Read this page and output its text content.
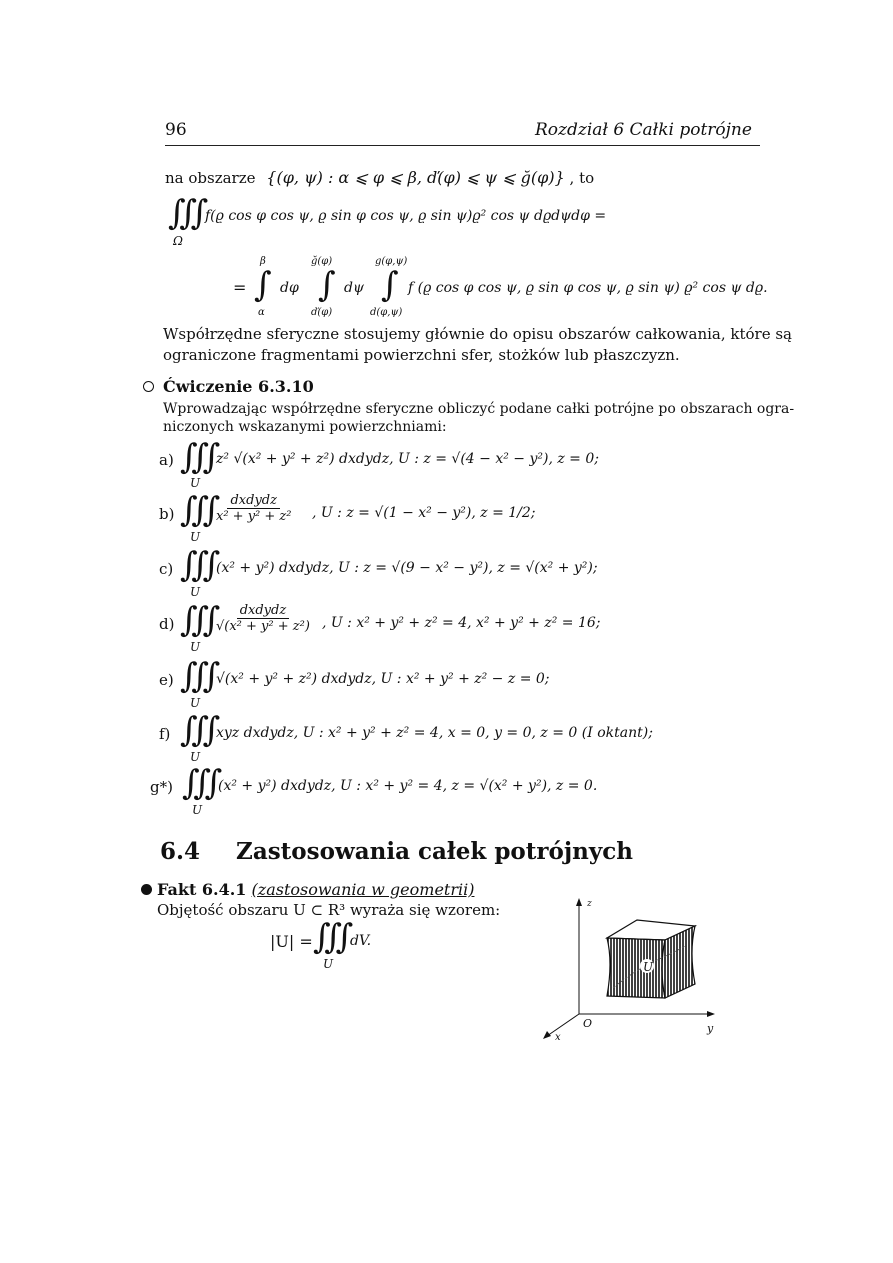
96	Rozdział 6 Całki potrójne
na obszarze {(φ, ψ) : α ⩽ φ ⩽ β, ď(φ) ⩽ ψ ⩽ ğ(φ)} , to
∭
f(ϱ cos φ cos ψ, ϱ sin φ cos ψ, ϱ sin ψ)ϱ² cos ψ dϱdψdφ =
Ω
β	ğ(φ)	g(φ,ψ)
= ∫ dφ ∫ dψ ∫ f (ϱ cos φ cos ψ, ϱ sin φ cos ψ, ϱ sin ψ) ϱ² cos ψ dϱ.
α	ď(φ)	d(φ,ψ)
Współrzędne sferyczne stosujemy głównie do opisu obszarów całkowania, które są
ograniczone fragmentami powierzchni sfer, stożków lub płaszczyzn.
Ćwiczenie 6.3.10
Wprowadzając współrzędne sferyczne obliczyć podane całki potrójne po obszarach ogra-
niczonych wskazanymi powierzchniami:
a) ∭
U
z² √(x² + y² + z²) dxdydz, U : z = √(4 − x² − y²), z = 0;
b) ∭
U
dxdydz
x² + y² + z² , U : z = √(1 − x² − y²), z = 1/2;
c) ∭
U
(x² + y²) dxdydz, U : z = √(9 − x² − y²), z = √(x² + y²);
d) ∭
U
dxdydz
√(x² + y² + z²) , U : x² + y² + z² = 4, x² + y² + z² = 16;
e) ∭
U
√(x² + y² + z²) dxdydz, U : x² + y² + z² − z = 0;
f) ∭
U
xyz dxdydz, U : x² + y² + z² = 4, x = 0, y = 0, z = 0 (I oktant);
g*) ∭
U
(x² + y²) dxdydz, U : x² + y² = 4, z = √(x² + y²), z = 0.
6.4 Zastosowania całek potrójnych
Fakt 6.4.1 (zastosowania w geometrii)
Objętość obszaru U ⊂ R³ wyraża się wzorem:
|U| = ∭
dV.
U	U
z
y
x
O
